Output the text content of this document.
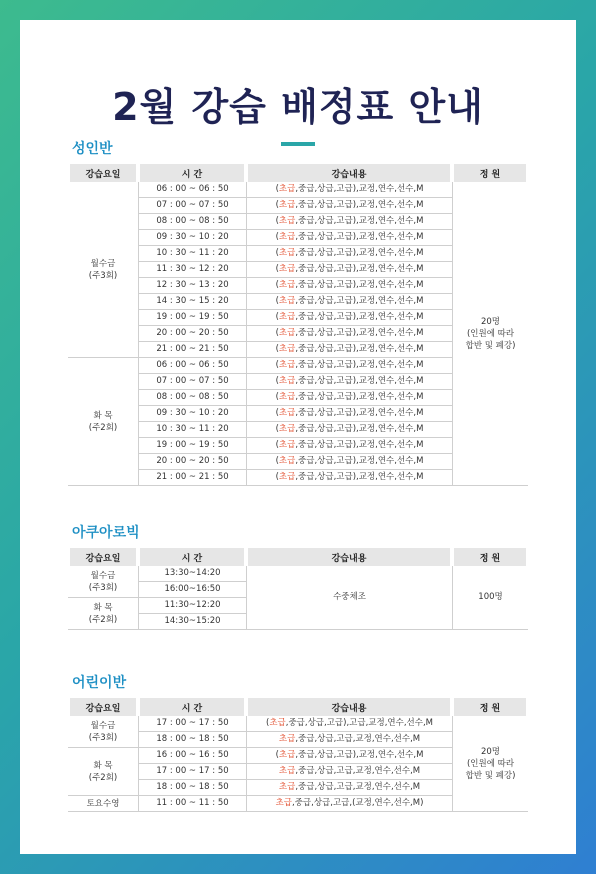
2월 강습 배정표 안내
성인반
강습요일	시 간	강습내용	정 원
월수금
(주3회)	06 : 00 ~ 06 : 50	(초급,중급,상급,고급),교정,연수,선수,M	20명
(인원에 따라
합반 및 폐강)
	07 : 00 ~ 07 : 50	(초급,중급,상급,고급),교정,연수,선수,M	
	08 : 00 ~ 08 : 50	(초급,중급,상급,고급),교정,연수,선수,M	
	09 : 30 ~ 10 : 20	(초급,중급,상급,고급),교정,연수,선수,M	
	10 : 30 ~ 11 : 20	(초급,중급,상급,고급),교정,연수,선수,M	
	11 : 30 ~ 12 : 20	(초급,중급,상급,고급),교정,연수,선수,M	
	12 : 30 ~ 13 : 20	(초급,중급,상급,고급),교정,연수,선수,M	
	14 : 30 ~ 15 : 20	(초급,중급,상급,고급),교정,연수,선수,M	
	19 : 00 ~ 19 : 50	(초급,중급,상급,고급),교정,연수,선수,M	
	20 : 00 ~ 20 : 50	(초급,중급,상급,고급),교정,연수,선수,M	
	21 : 00 ~ 21 : 50	(초급,중급,상급,고급),교정,연수,선수,M	
화 목
(주2회)	06 : 00 ~ 06 : 50	(초급,중급,상급,고급),교정,연수,선수,M	
	07 : 00 ~ 07 : 50	(초급,중급,상급,고급),교정,연수,선수,M	
	08 : 00 ~ 08 : 50	(초급,중급,상급,고급),교정,연수,선수,M	
	09 : 30 ~ 10 : 20	(초급,중급,상급,고급),교정,연수,선수,M	
	10 : 30 ~ 11 : 20	(초급,중급,상급,고급),교정,연수,선수,M	
	19 : 00 ~ 19 : 50	(초급,중급,상급,고급),교정,연수,선수,M	
	20 : 00 ~ 20 : 50	(초급,중급,상급,고급),교정,연수,선수,M	
	21 : 00 ~ 21 : 50	(초급,중급,상급,고급),교정,연수,선수,M	
아쿠아로빅
강습요일	시 간	강습내용	정 원
월수금
(주3회)	13:30~14:20	수중체조	100명
	16:00~16:50		
화 목
(주2회)	11:30~12:20		
	14:30~15:20		
어린이반
강습요일	시 간	강습내용	정 원
월수금
(주3회)	17 : 00 ~ 17 : 50	(초급,중급,상급,고급),고급,교정,연수,선수,M	20명
(인원에 따라
합반 및 폐강)
	18 : 00 ~ 18 : 50	초급,중급,상급,고급,교정,연수,선수,M	
화 목
(주2회)	16 : 00 ~ 16 : 50	(초급,중급,상급,고급),교정,연수,선수,M	
	17 : 00 ~ 17 : 50	초급,중급,상급,고급,교정,연수,선수,M	
	18 : 00 ~ 18 : 50	초급,중급,상급,고급,교정,연수,선수,M	
토요수영	11 : 00 ~ 11 : 50	초급,중급,상급,고급,(교정,연수,선수,M)	
